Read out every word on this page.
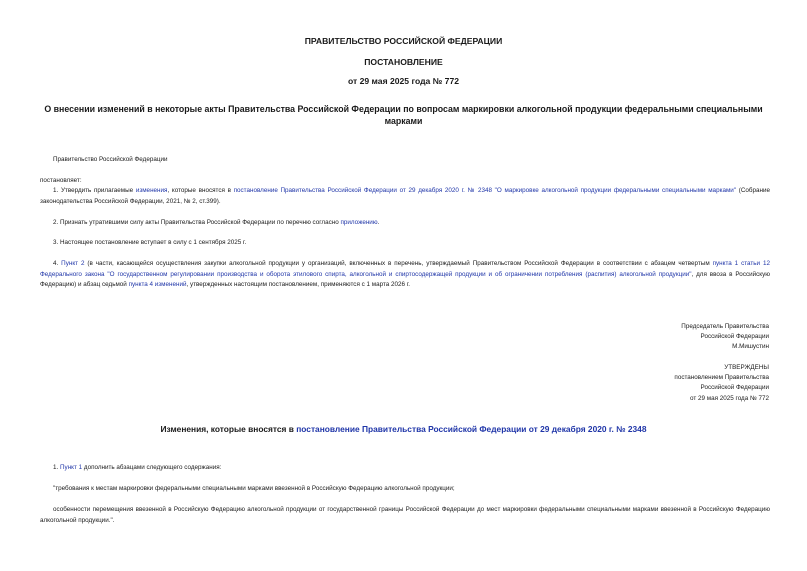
ПРАВИТЕЛЬСТВО РОССИЙСКОЙ ФЕДЕРАЦИИ
ПОСТАНОВЛЕНИЕ
от 29 мая 2025 года № 772
О внесении изменений в некоторые акты Правительства Российской Федерации по вопросам маркировки алкогольной продукции федеральными специальными марками
Правительство Российской Федерации
постановляет:
1. Утвердить прилагаемые изменения, которые вносятся в постановление Правительства Российской Федерации от 29 декабря 2020 г. № 2348 "О маркировке алкогольной продукции федеральными специальными марками" (Собрание законодательства Российской Федерации, 2021, № 2, ст.399).
2. Признать утратившими силу акты Правительства Российской Федерации по перечню согласно приложению.
3. Настоящее постановление вступает в силу с 1 сентября 2025 г.
4. Пункт 2 (в части, касающейся осуществления закупки алкогольной продукции у организаций, включенных в перечень, утверждаемый Правительством Российской Федерации в соответствии с абзацем четвертым пункта 1 статьи 12 Федерального закона "О государственном регулировании производства и оборота этилового спирта, алкогольной и спиртосодержащей продукции и об ограничении потребления (распития) алкогольной продукции", для ввоза в Российскую Федерацию) и абзац седьмой пункта 4 изменений, утвержденных настоящим постановлением, применяются с 1 марта 2026 г.
Председатель Правительства
Российской Федерации
М.Мишустин
УТВЕРЖДЕНЫ
постановлением Правительства
Российской Федерации
от 29 мая 2025 года № 772
Изменения, которые вносятся в постановление Правительства Российской Федерации от 29 декабря 2020 г. № 2348
1. Пункт 1 дополнить абзацами следующего содержания:
"требования к местам маркировки федеральными специальными марками ввезенной в Российскую Федерацию алкогольной продукции;
особенности перемещения ввезенной в Российскую Федерацию алкогольной продукции от государственной границы Российской Федерации до мест маркировки федеральными специальными марками ввезенной в Российскую Федерацию алкогольной продукции.".
